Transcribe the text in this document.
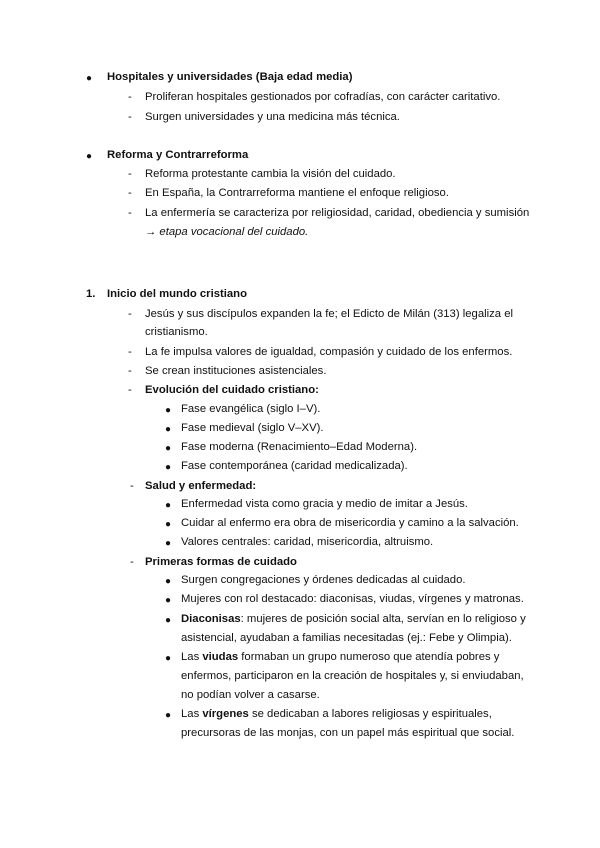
● Hospitales y universidades (Baja edad media)
- Proliferan hospitales gestionados por cofradías, con carácter caritativo.
- Surgen universidades y una medicina más técnica.
● Reforma y Contrarreforma
- Reforma protestante cambia la visión del cuidado.
- En España, la Contrarreforma mantiene el enfoque religioso.
- La enfermería se caracteriza por religiosidad, caridad, obediencia y sumisión
→ etapa vocacional del cuidado.
1. Inicio del mundo cristiano
- Jesús y sus discípulos expanden la fe; el Edicto de Milán (313) legaliza el
cristianismo.
- La fe impulsa valores de igualdad, compasión y cuidado de los enfermos.
- Se crean instituciones asistenciales.
- Evolución del cuidado cristiano:
● Fase evangélica (siglo I–V).
● Fase medieval (siglo V–XV).
● Fase moderna (Renacimiento–Edad Moderna).
● Fase contemporánea (caridad medicalizada).
- Salud y enfermedad:
● Enfermedad vista como gracia y medio de imitar a Jesús.
● Cuidar al enfermo era obra de misericordia y camino a la salvación.
● Valores centrales: caridad, misericordia, altruismo.
- Primeras formas de cuidado
● Surgen congregaciones y órdenes dedicadas al cuidado.
● Mujeres con rol destacado: diaconisas, viudas, vírgenes y matronas.
● Diaconisas: mujeres de posición social alta, servían en lo religioso y
asistencial, ayudaban a familias necesitadas (ej.: Febe y Olimpia).
● Las viudas formaban un grupo numeroso que atendía pobres y
enfermos, participaron en la creación de hospitales y, si enviudaban,
no podían volver a casarse.
● Las vírgenes se dedicaban a labores religiosas y espirituales,
precursoras de las monjas, con un papel más espiritual que social.
